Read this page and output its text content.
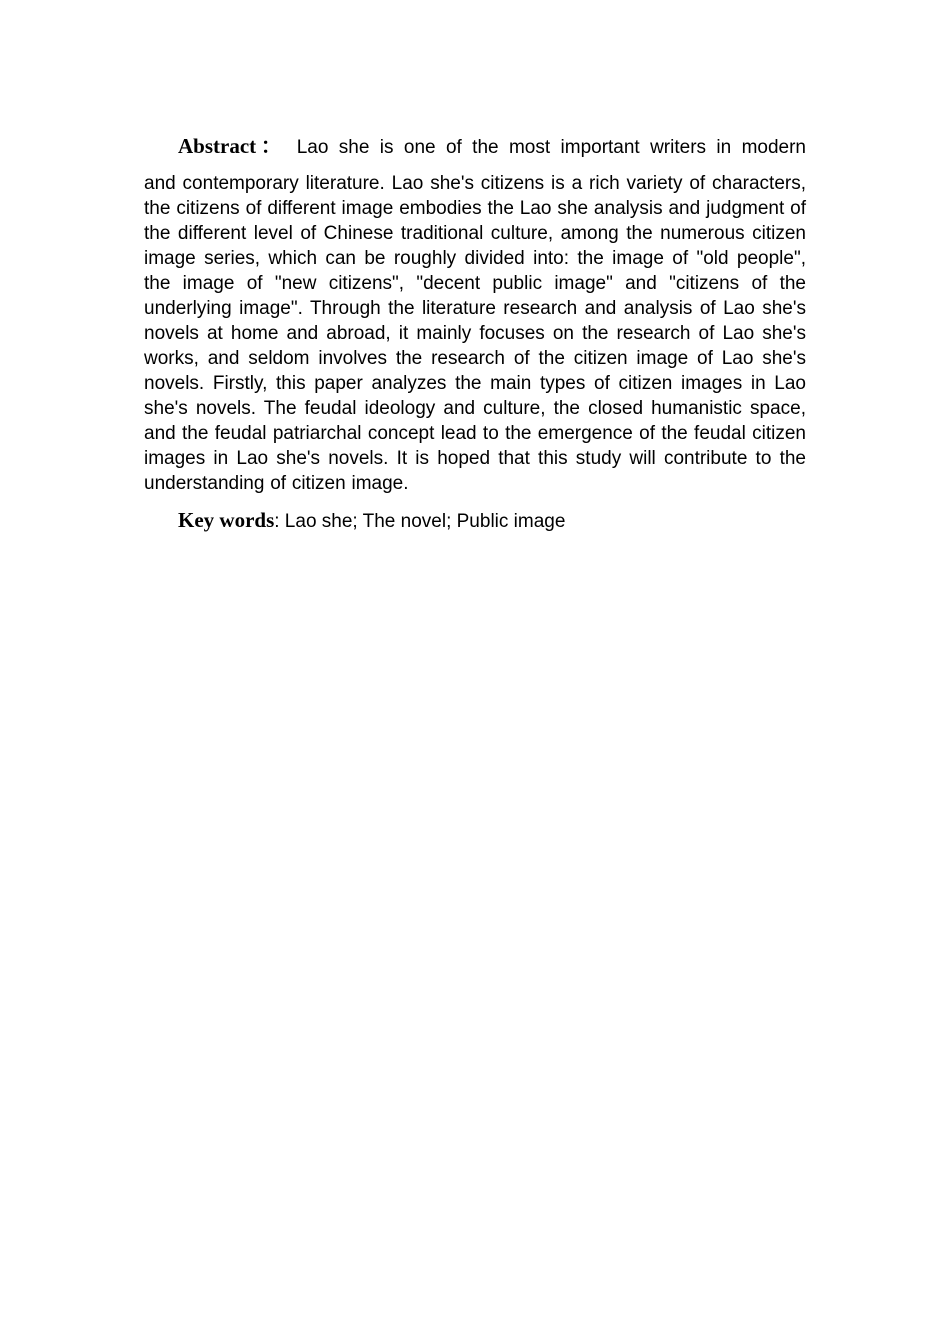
Abstract： Lao she is one of the most important writers in modern
and contemporary literature. Lao she's citizens is a rich variety of characters, the citizens of different image embodies the Lao she analysis and judgment of the different level of Chinese traditional culture, among the numerous citizen image series, which can be roughly divided into: the image of "old people", the image of "new citizens", "decent public image" and "citizens of the underlying image". Through the literature research and analysis of Lao she's novels at home and abroad, it mainly focuses on the research of Lao she's works, and seldom involves the research of the citizen image of Lao she's novels. Firstly, this paper analyzes the main types of citizen images in Lao she's novels. The feudal ideology and culture, the closed humanistic space, and the feudal patriarchal concept lead to the emergence of the feudal citizen images in Lao she's novels. It is hoped that this study will contribute to the understanding of citizen image.

Key words: Lao she; The novel; Public image
